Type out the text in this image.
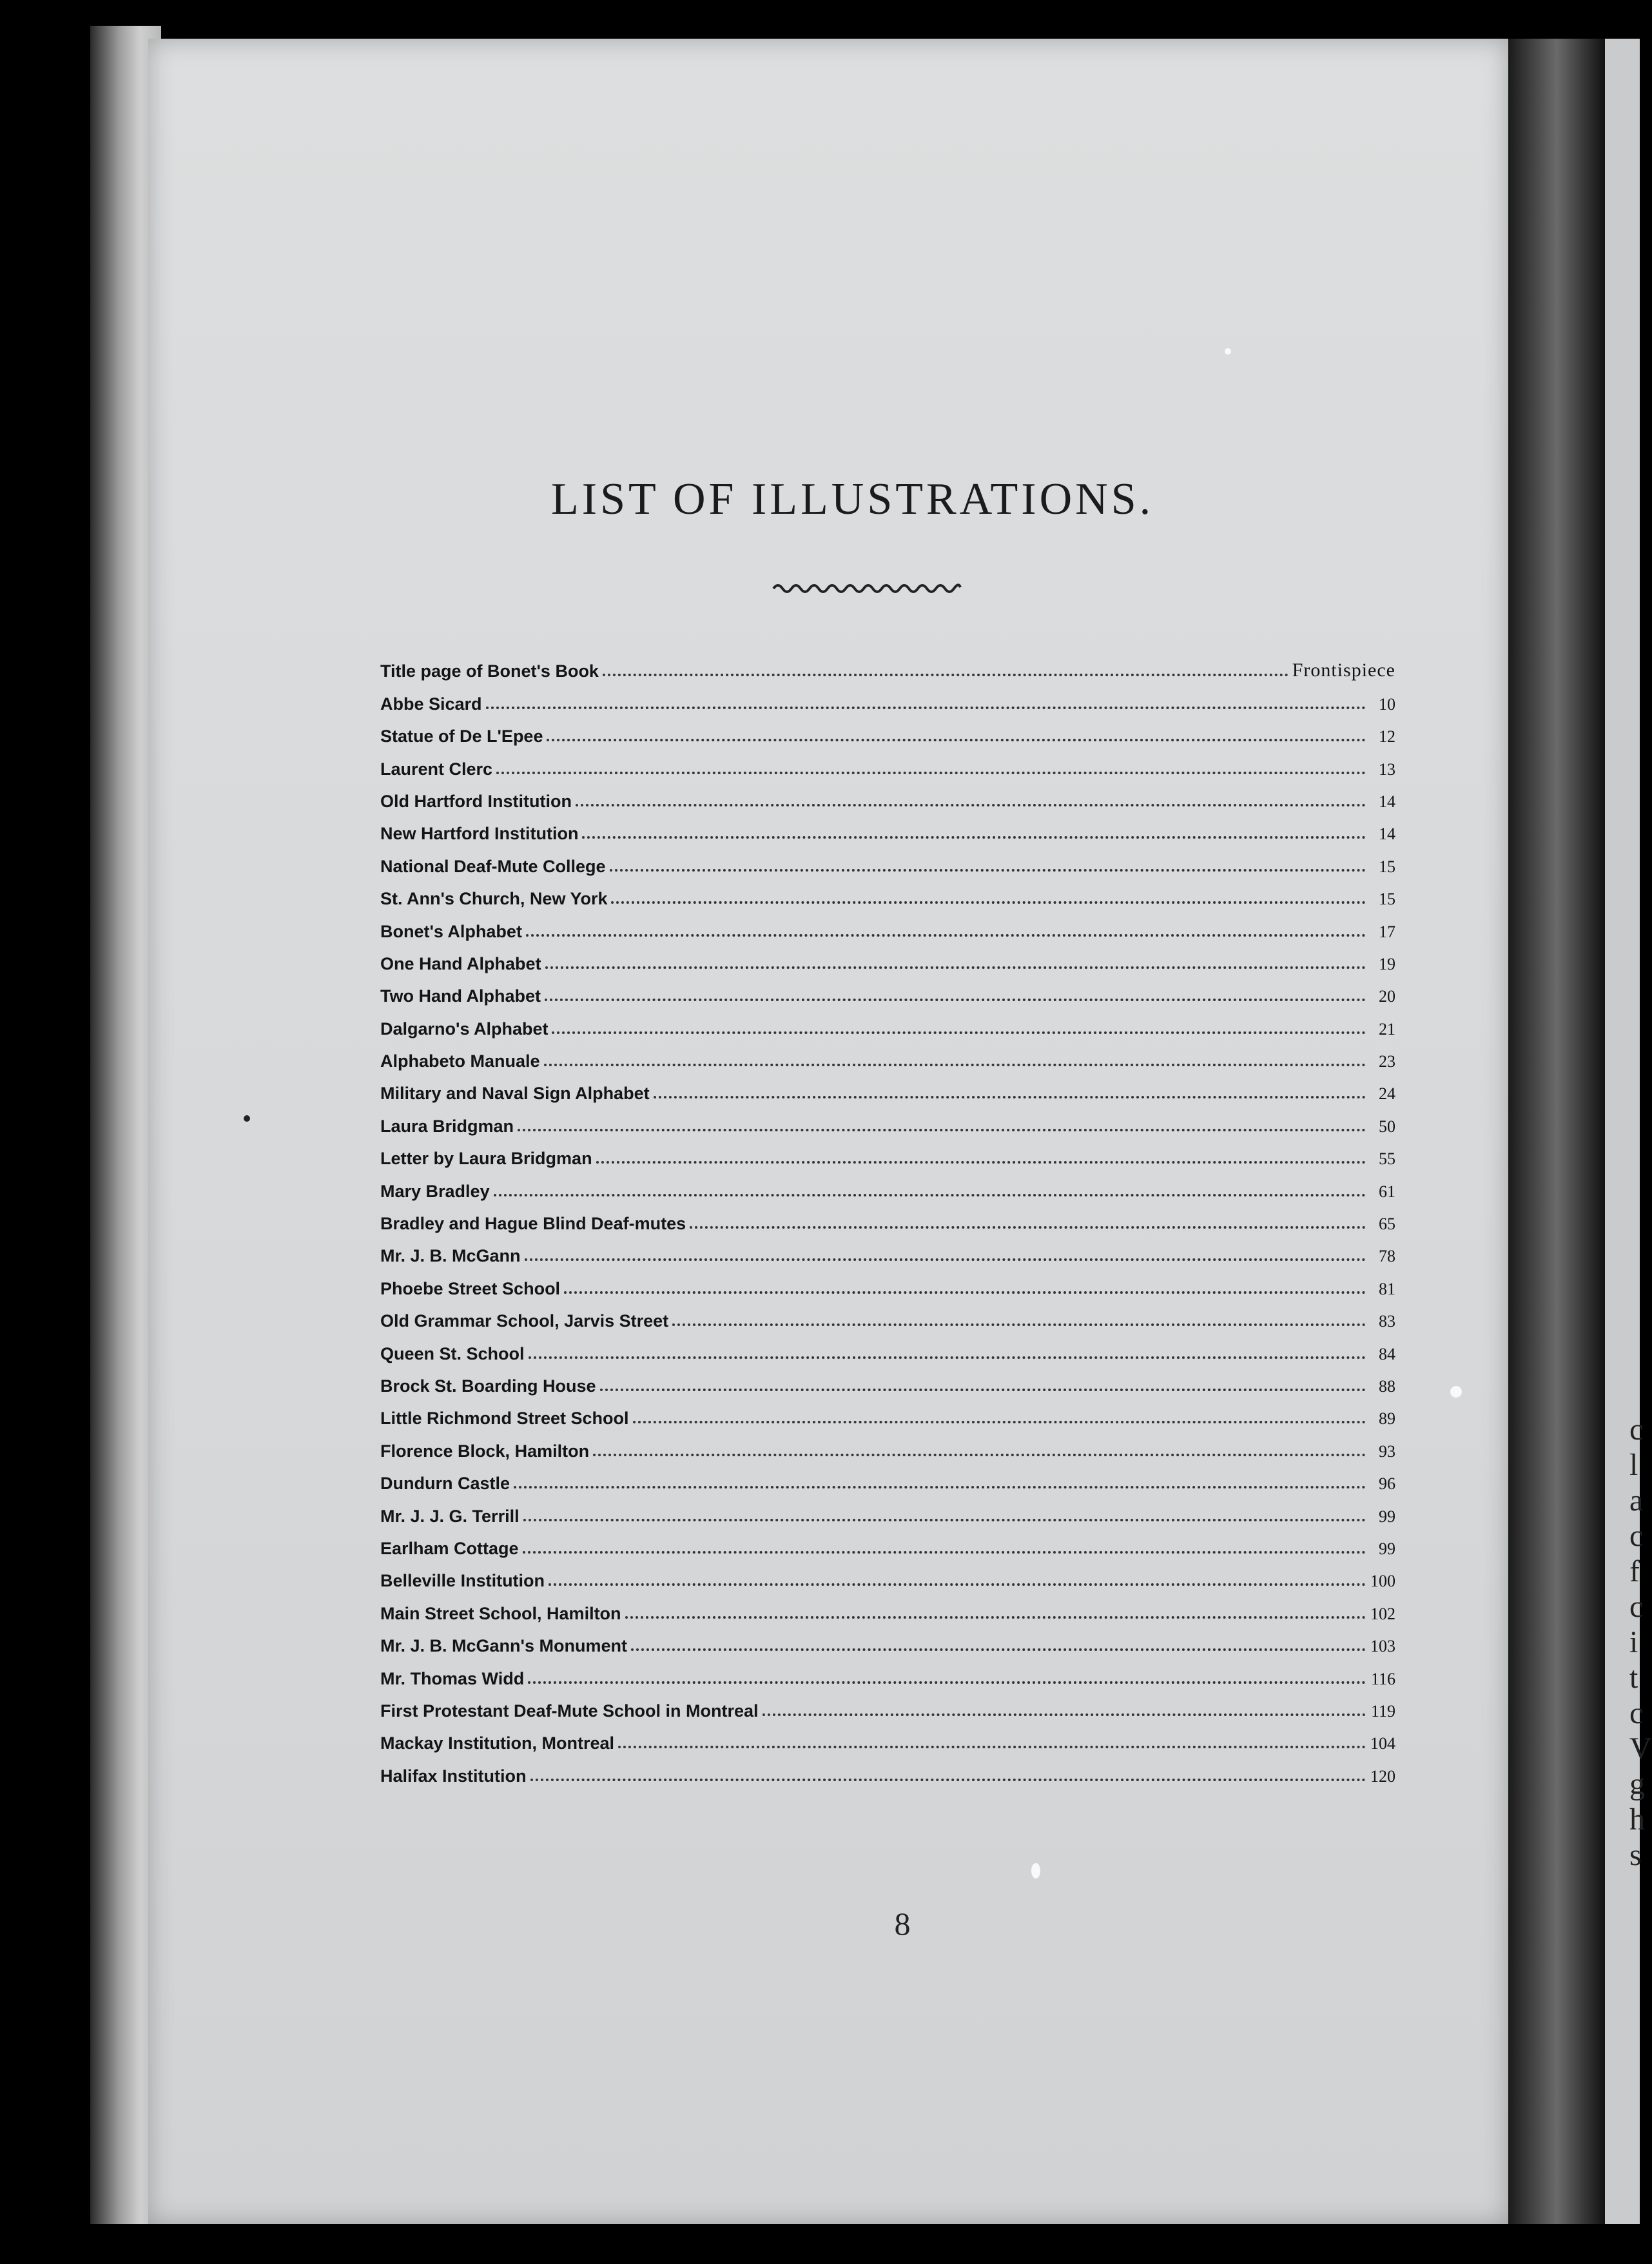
c
l
a
c
f
c
i
t
c
V
g
h
s
LIST OF ILLUSTRATIONS.
Title page of Bonet's Book	Frontispiece
Abbe Sicard	10
Statue of De L'Epee	12
Laurent Clerc	13
Old Hartford Institution	14
New Hartford Institution	14
National Deaf-Mute College	15
St. Ann's Church, New York	15
Bonet's Alphabet	17
One Hand Alphabet	19
Two Hand Alphabet	20
Dalgarno's Alphabet	21
Alphabeto Manuale	23
Military and Naval Sign Alphabet	24
Laura Bridgman	50
Letter by Laura Bridgman	55
Mary Bradley	61
Bradley and Hague Blind Deaf-mutes	65
Mr. J. B. McGann	78
Phoebe Street School	81
Old Grammar School, Jarvis Street	83
Queen St. School	84
Brock St. Boarding House	88
Little Richmond Street School	89
Florence Block, Hamilton	93
Dundurn Castle	96
Mr. J. J. G. Terrill	99
Earlham Cottage	99
Belleville Institution	100
Main Street School, Hamilton	102
Mr. J. B. McGann's Monument	103
Mr. Thomas Widd	116
First Protestant Deaf-Mute School in Montreal	119
Mackay Institution, Montreal	104
Halifax Institution	120
8
